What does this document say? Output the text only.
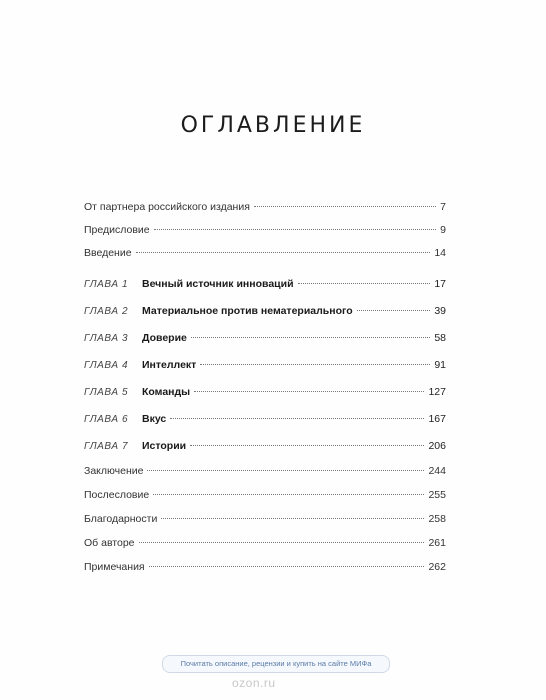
ОГЛАВЛЕНИЕ
От партнера российского издания	7
Предисловие	9
Введение	14
ГЛАВА 1	Вечный источник инноваций	17
ГЛАВА 2	Материальное против нематериального	39
ГЛАВА 3	Доверие	58
ГЛАВА 4	Интеллект	91
ГЛАВА 5	Команды	127
ГЛАВА 6	Вкус	167
ГЛАВА 7	Истории	206
Заключение	244
Послесловие	255
Благодарности	258
Об авторе	261
Примечания	262
Почитать описание, рецензии и купить на сайте МИФа
ozon.ru
